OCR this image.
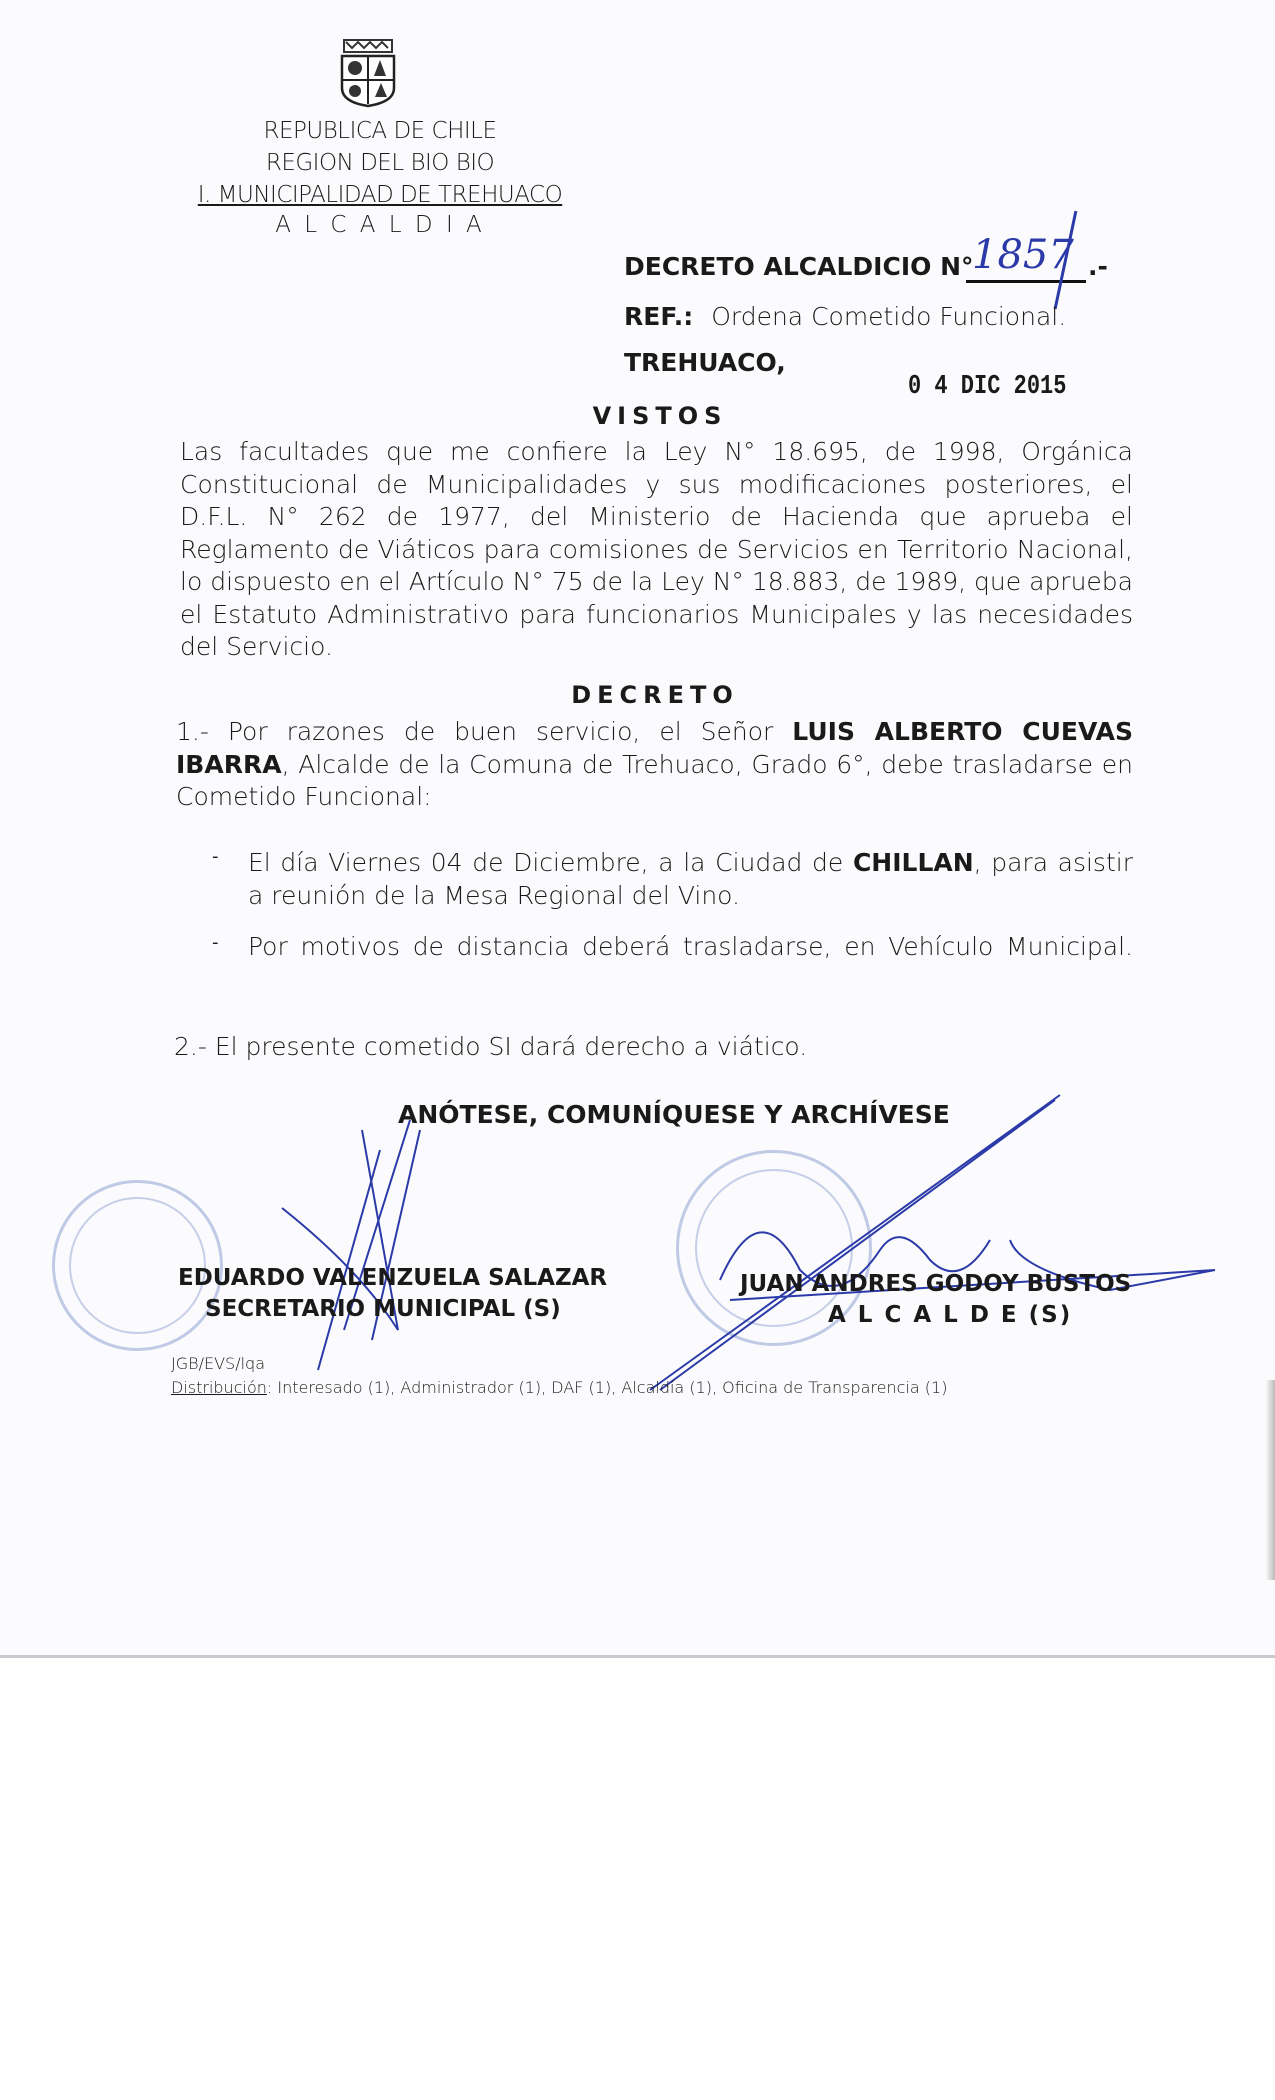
REPUBLICA DE CHILE
REGION DEL BIO BIO
I. MUNICIPALIDAD DE TREHUACO
A L C A L D I A
DECRETO ALCALDICIO N°
1857 .-
REF.: Ordena Cometido Funcional.
TREHUACO,
0 4 DIC 2015
VISTOS
Las facultades que me confiere la Ley N° 18.695, de 1998, Orgánica Constitucional de Municipalidades y sus modificaciones posteriores, el D.F.L. N° 262 de 1977, del Ministerio de Hacienda que aprueba el Reglamento de Viáticos para comisiones de Servicios en Territorio Nacional, lo dispuesto en el Artículo N° 75 de la Ley N° 18.883, de 1989, que aprueba el Estatuto Administrativo para funcionarios Municipales y las necesidades del Servicio.
DECRETO
1.- Por razones de buen servicio, el Señor LUIS ALBERTO CUEVAS IBARRA, Alcalde de la Comuna de Trehuaco, Grado 6°, debe trasladarse en Cometido Funcional:
- El día Viernes 04 de Diciembre, a la Ciudad de CHILLAN, para asistir a reunión de la Mesa Regional del Vino.
- Por motivos de distancia deberá trasladarse, en Vehículo Municipal.
2.- El presente cometido SI dará derecho a viático.
ANÓTESE, COMUNÍQUESE Y ARCHÍVESE
EDUARDO VALENZUELA SALAZAR
SECRETARIO MUNICIPAL (S)
JUAN ANDRES GODOY BUSTOS
A L C A L D E (S)
JGB/EVS/lqa
Distribución: Interesado (1), Administrador (1), DAF (1), Alcaldía (1), Oficina de Transparencia (1)
